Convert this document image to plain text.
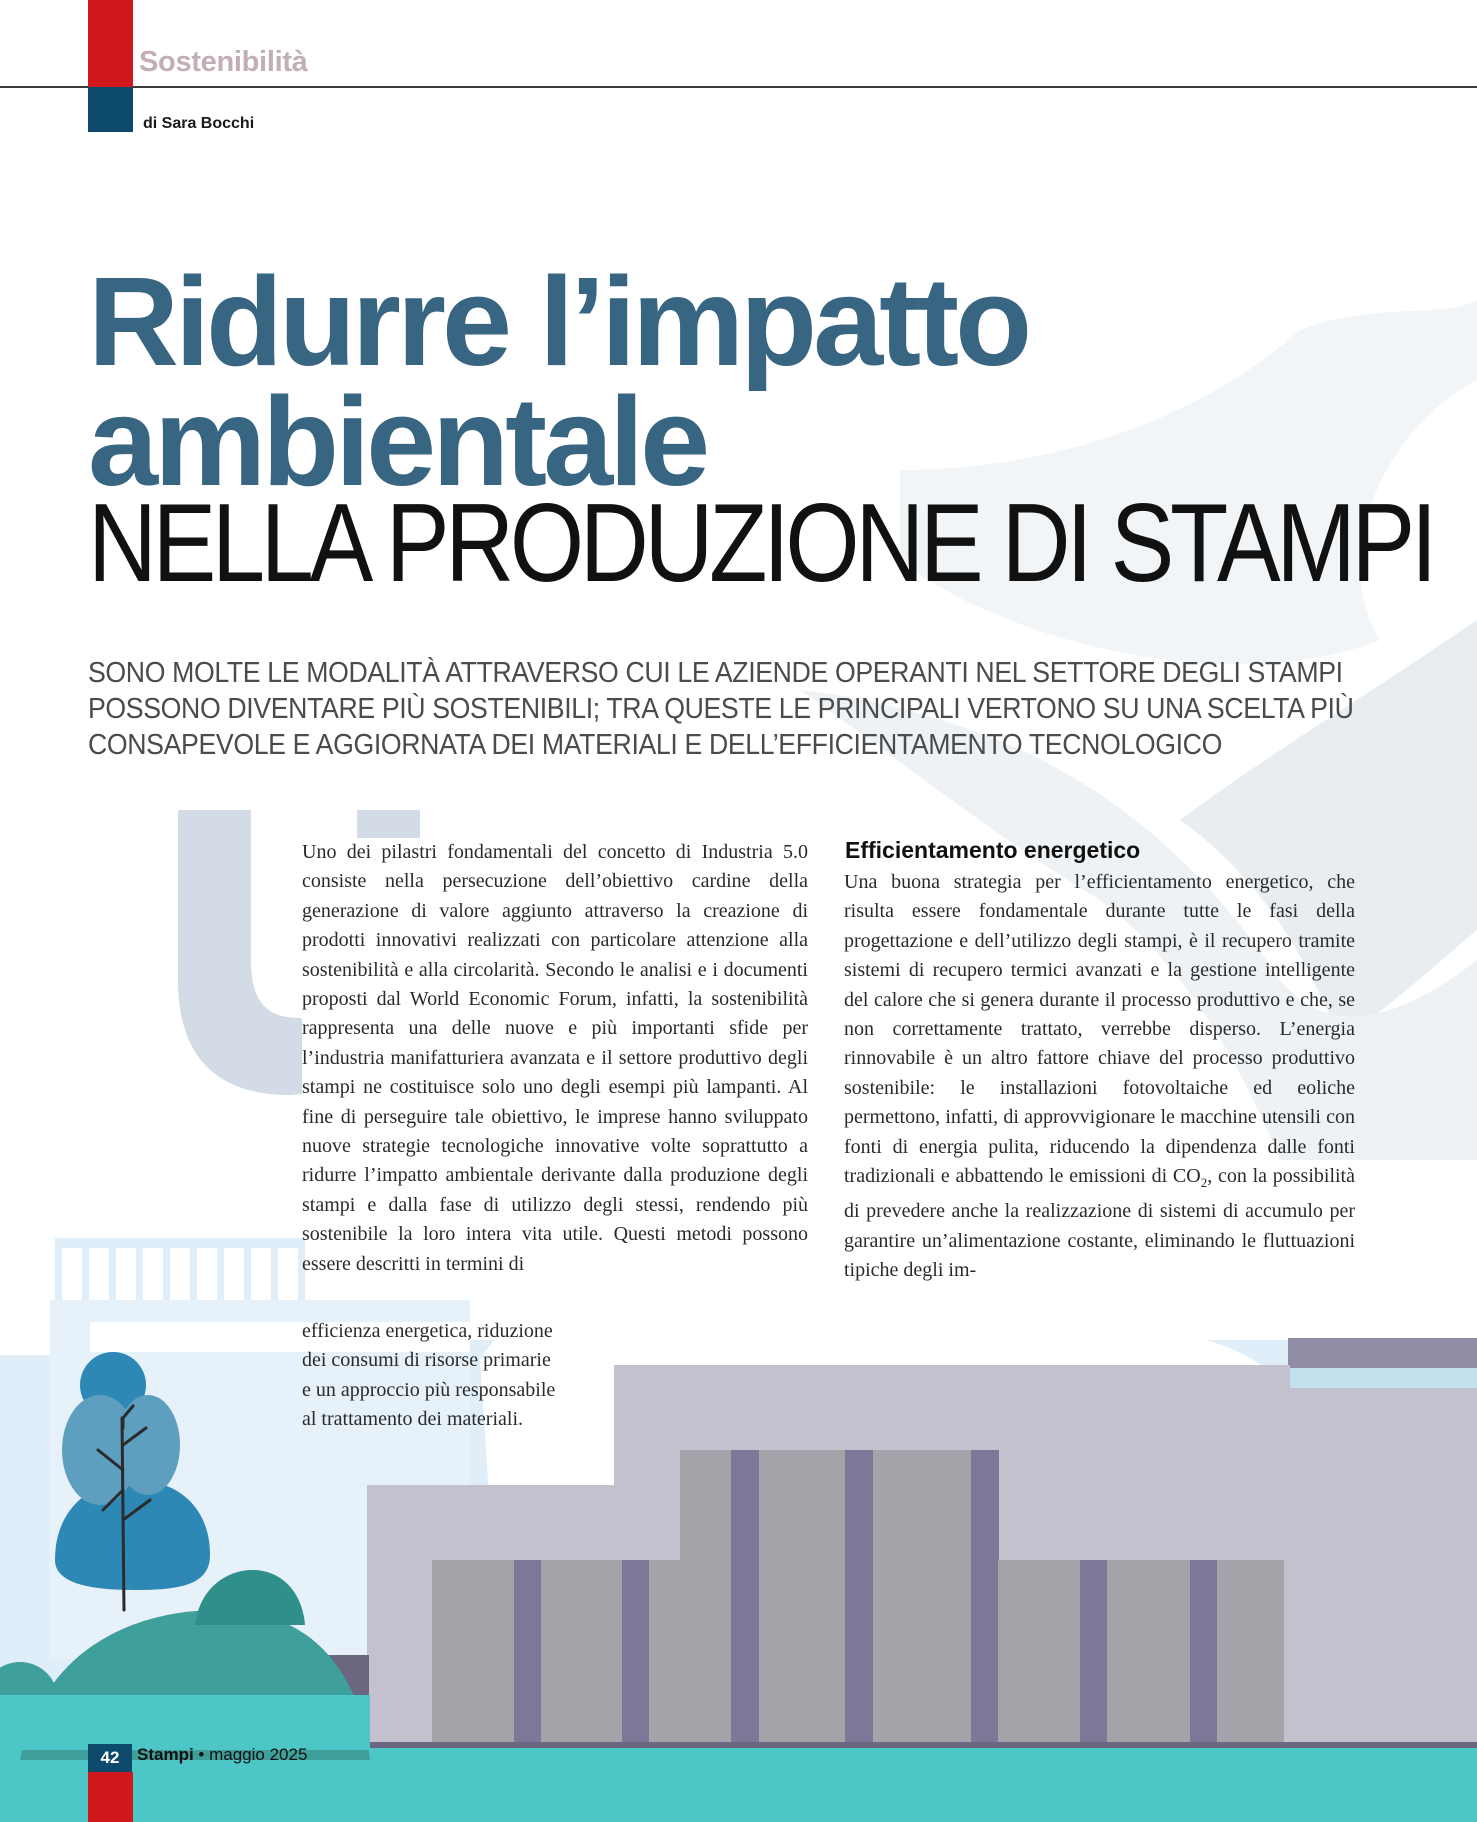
Sostenibilità
di Sara Bocchi
Ridurre l’impatto
ambientale
NELLA PRODUZIONE DI STAMPI
SONO MOLTE LE MODALITÀ ATTRAVERSO CUI LE AZIENDE OPERANTI NEL SETTORE DEGLI STAMPI
POSSONO DIVENTARE PIÙ SOSTENIBILI; TRA QUESTE LE PRINCIPALI VERTONO SU UNA SCELTA PIÙ
CONSAPEVOLE E AGGIORNATA DEI MATERIALI E DELL’EFFICIENTAMENTO TECNOLOGICO
Uno dei pilastri fondamentali del concetto di Industria 5.0 consiste nella persecuzione dell’obiettivo cardine della generazione di valore aggiunto attraverso la creazione di prodotti innovativi realizzati con particolare attenzione alla sostenibilità e alla circolarità. Secondo le analisi e i documenti proposti dal World Economic Forum, infatti, la sostenibilità rappresenta una delle nuove e più importanti sfide per l’industria manifatturiera avanzata e il settore produttivo degli stampi ne costituisce solo uno degli esempi più lampanti. Al fine di perseguire tale obiettivo, le imprese hanno sviluppato nuove strategie tecnologiche innovative volte soprattutto a ridurre l’impatto ambientale derivante dalla produzione degli stampi e dalla fase di utilizzo degli stessi, rendendo più sostenibile la loro intera vita utile. Questi metodi possono essere descritti in termini di
efficienza energetica, riduzione
dei consumi di risorse primarie
e un approccio più responsabile
al trattamento dei materiali.
Efficientamento energetico
Una buona strategia per l’efficientamento energetico, che risulta essere fondamentale durante tutte le fasi della progettazione e dell’utilizzo degli stampi, è il recupero tramite sistemi di recupero termici avanzati e la gestione intelligente del calore che si genera durante il processo produttivo e che, se non correttamente trattato, verrebbe disperso. L’energia rinnovabile è un altro fattore chiave del processo produttivo sostenibile: le installazioni fotovoltaiche ed eoliche permettono, infatti, di approvvigionare le macchine utensili con fonti di energia pulita, riducendo la dipendenza dalle fonti tradizionali e abbattendo le emissioni di $CO_2$, con la possibilità di prevedere anche la realizzazione di sistemi di accumulo per garantire un’alimentazione costante, eliminando le fluttuazioni tipiche degli im-
42	Stampi • maggio 2025
